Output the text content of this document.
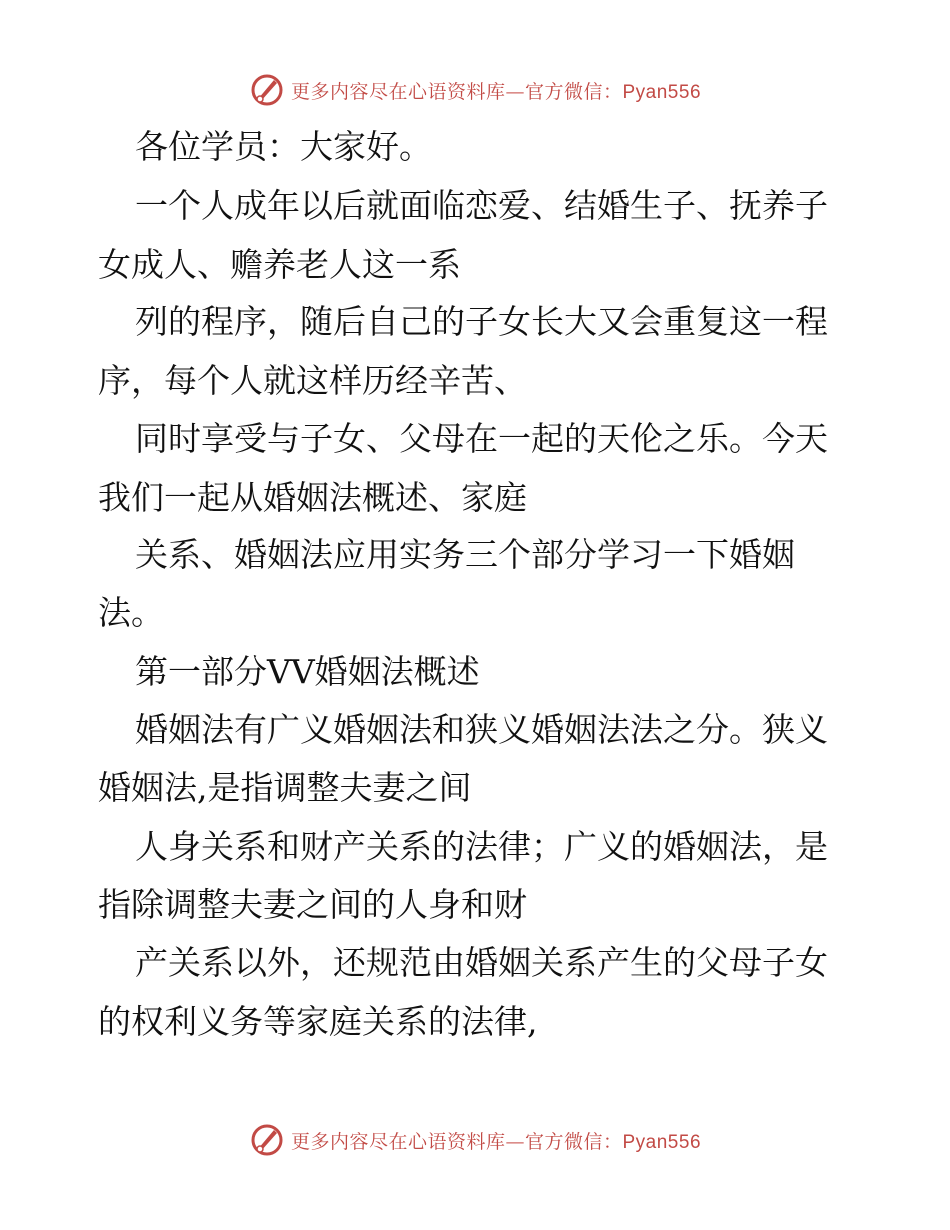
更多内容尽在心语资料库—官方微信：Pyan556
各位学员：大家好。
一个人成年以后就面临恋爱、结婚生子、抚养子
女成人、赡养老人这一系
列的程序，随后自己的子女长大又会重复这一程
序，每个人就这样历经辛苦、
同时享受与子女、父母在一起的天伦之乐。今天
我们一起从婚姻法概述、家庭
关系、婚姻法应用实务三个部分学习一下婚姻
法。
第一部分VV婚姻法概述
婚姻法有广义婚姻法和狭义婚姻法法之分。狭义
婚姻法,是指调整夫妻之间
人身关系和财产关系的法律；广义的婚姻法，是
指除调整夫妻之间的人身和财
产关系以外，还规范由婚姻关系产生的父母子女
的权利义务等家庭关系的法律,
更多内容尽在心语资料库—官方微信：Pyan556
